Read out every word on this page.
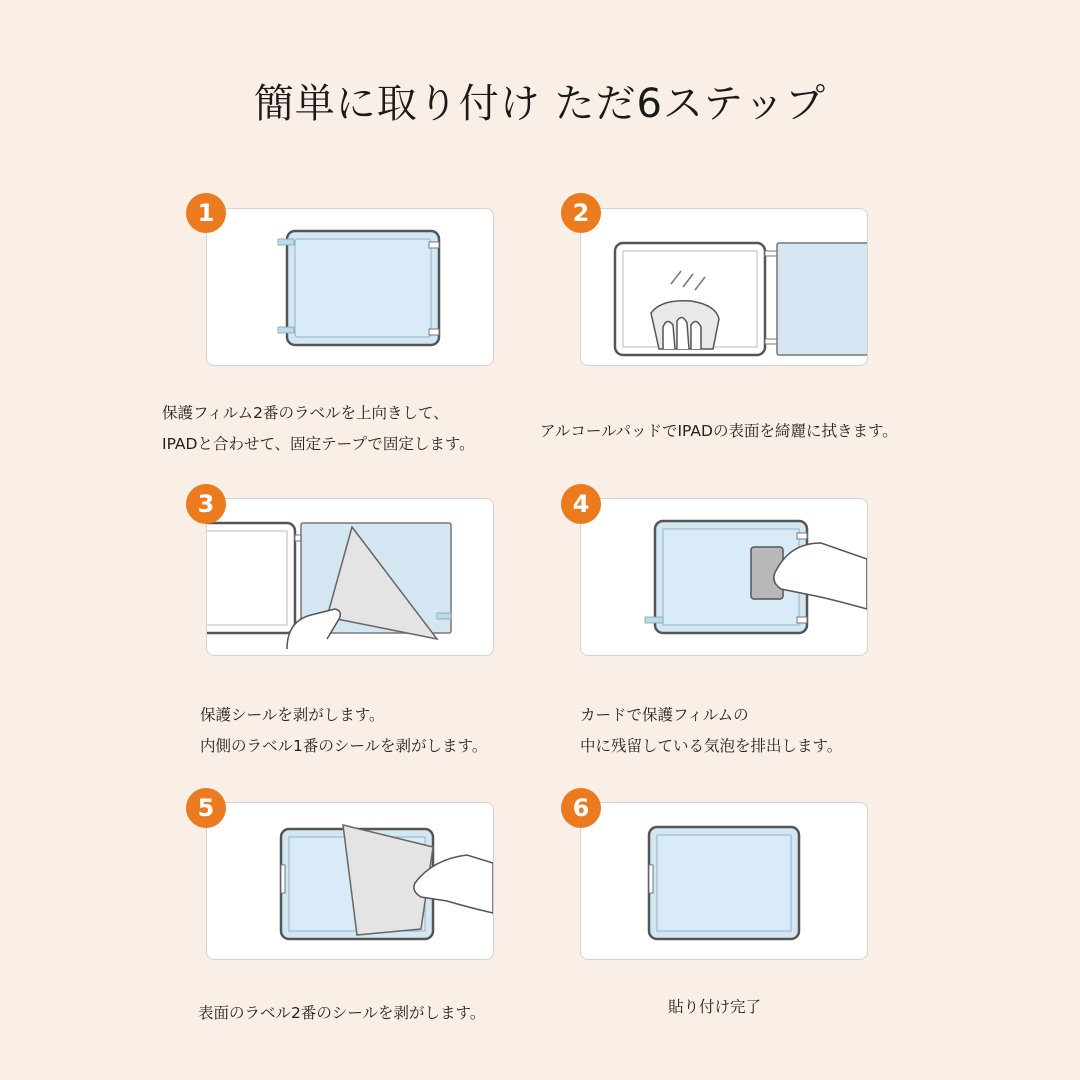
簡単に取り付け ただ6ステップ
1
保護フィルム2番のラベルを上向きして、
IPADと合わせて、固定テープで固定します。
2
アルコールパッドでIPADの表面を綺麗に拭きます。
3
保護シールを剥がします。
内側のラベル1番のシールを剥がします。
4
カードで保護フィルムの
中に残留している気泡を排出します。
5
表面のラベル2番のシールを剥がします。
6
貼り付け完了
